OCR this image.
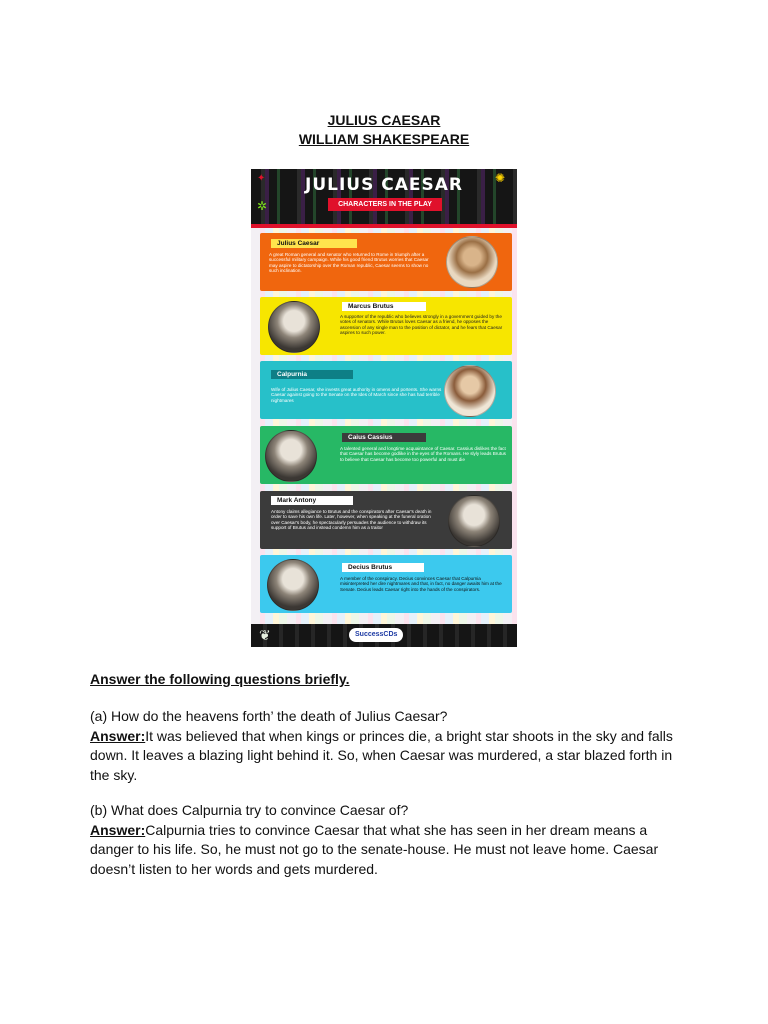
JULIUS CAESAR
WILLIAM SHAKESPEARE
JULIUS CAESAR
CHARACTERS IN THE PLAY
✲
✺
✦
Julius Caesar
A great Roman general and senator who returned to Rome in triumph after a successful military campaign. While his good friend Brutus worries that Caesar may aspire to dictatorship over the Roman republic, Caesar seems to show no such inclination.
Marcus Brutus
A supporter of the republic who believes strongly in a government guided by the votes of senators. While Brutus loves Caesar as a friend, he opposes the ascension of any single man to the position of dictator, and he fears that Caesar aspires to such power.
Calpurnia
Wife of Julius Caesar, she invests great authority in omens and portents. She warns Caesar against going to the Senate on the Ides of March since she has had terrible nightmares
Caius Cassius
A talented general and longtime acquaintance of Caesar. Cassius dislikes the fact that Caesar has become godlike in the eyes of the Romans. He slyly leads Brutus to believe that Caesar has become too powerful and must die
Mark Antony
Antony claims allegiance to Brutus and the conspirators after Caesar's death in order to save his own life. Later, however, when speaking at the funeral oration over Caesar's body, he spectacularly persuades the audience to withdraw its support of Brutus and instead condemn him as a traitor
Decius Brutus
A member of the conspiracy. Decius convinces Caesar that Calpurnia misinterpreted her dire nightmares and that, in fact, no danger awaits him at the Senate. Decius leads Caesar right into the hands of the conspirators.
❦	SuccessCDs
Answer the following questions briefly.
(a) How do the heavens forth’ the death of Julius Caesar?
Answer:It was believed that when kings or princes die, a bright star shoots in the sky and falls down. It leaves a blazing light behind it. So, when Caesar was murdered, a star blazed forth in the sky.
(b) What does Calpurnia try to convince Caesar of?
Answer:Calpurnia tries to convince Caesar that what she has seen in her dream means a danger to his life. So, he must not go to the senate-house. He must not leave home. Caesar doesn’t listen to her words and gets murdered.
